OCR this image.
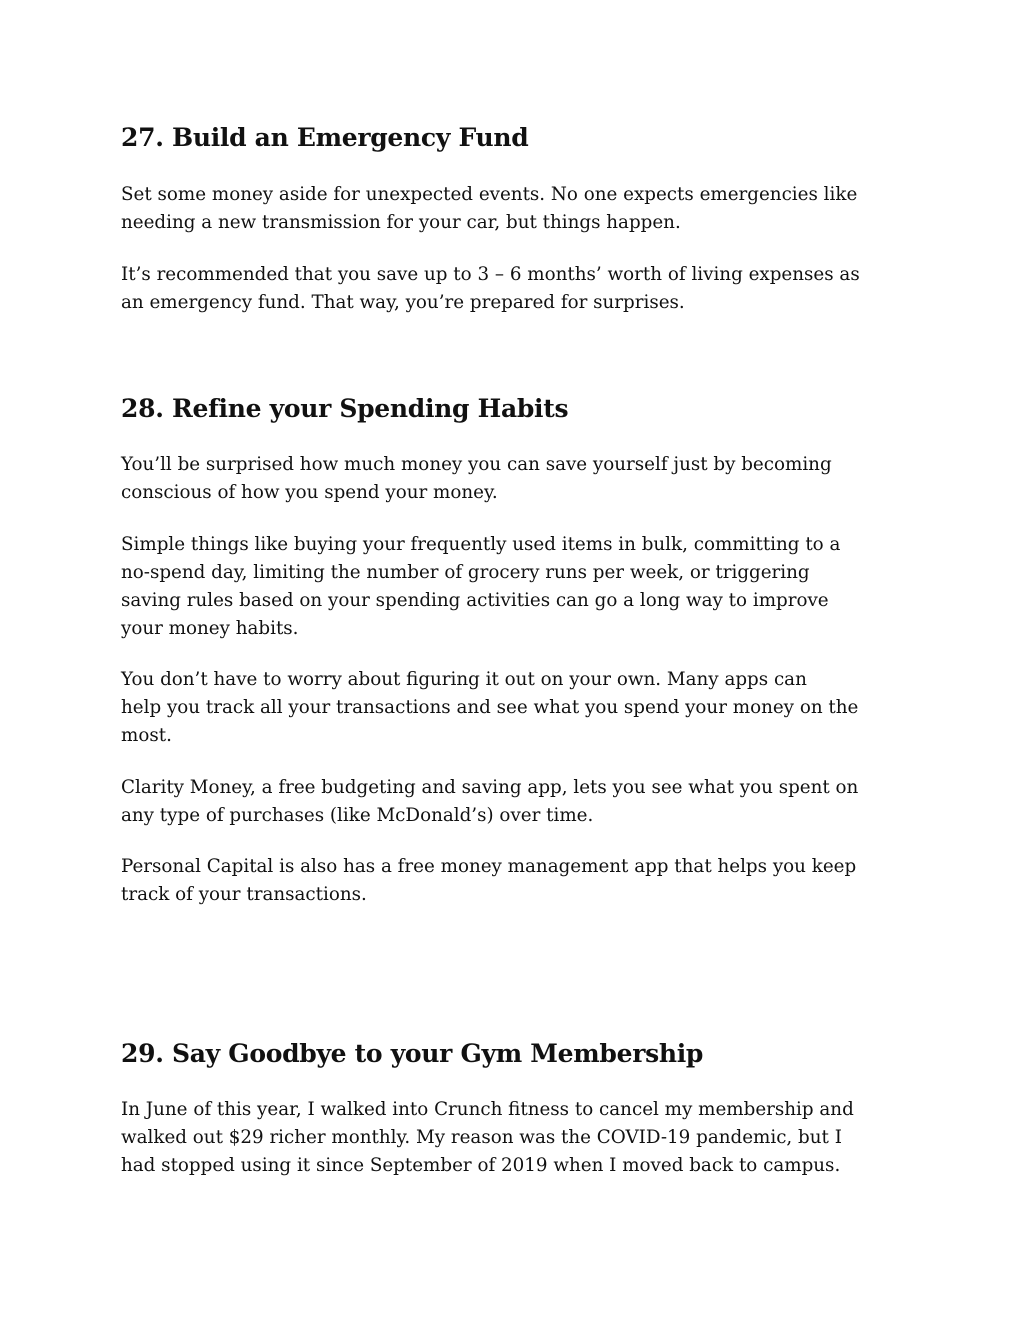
27. Build an Emergency Fund

Set some money aside for unexpected events. No one expects emergencies like
needing a new transmission for your car, but things happen.

It’s recommended that you save up to 3 – 6 months’ worth of living expenses as
an emergency fund. That way, you’re prepared for surprises.

28. Refine your Spending Habits

You’ll be surprised how much money you can save yourself just by becoming
conscious of how you spend your money.

Simple things like buying your frequently used items in bulk, committing to a
no-spend day, limiting the number of grocery runs per week, or triggering
saving rules based on your spending activities can go a long way to improve
your money habits.

You don’t have to worry about figuring it out on your own. Many apps can
help you track all your transactions and see what you spend your money on the
most.

Clarity Money, a free budgeting and saving app, lets you see what you spent on
any type of purchases (like McDonald’s) over time.

Personal Capital is also has a free money management app that helps you keep
track of your transactions.

29. Say Goodbye to your Gym Membership

In June of this year, I walked into Crunch fitness to cancel my membership and
walked out $29 richer monthly. My reason was the COVID-19 pandemic, but I
had stopped using it since September of 2019 when I moved back to campus.
